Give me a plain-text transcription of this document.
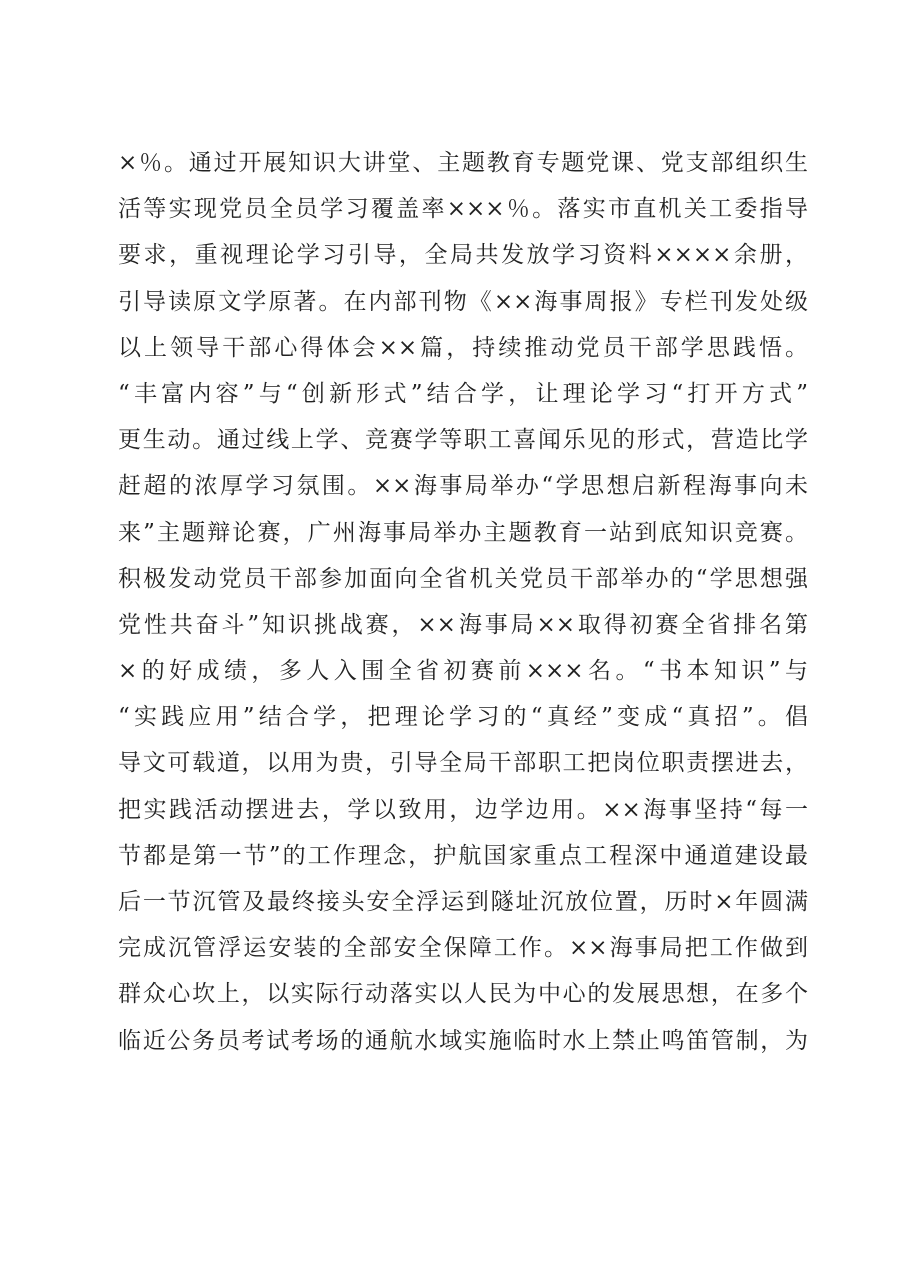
×％。通过开展知识大讲堂、主题教育专题党课、党支部组织生
活等实现党员全员学习覆盖率×××％。落实市直机关工委指导
要求，重视理论学习引导，全局共发放学习资料××××余册，
引导读原文学原著。在内部刊物《××海事周报》专栏刊发处级
以上领导干部心得体会××篇，持续推动党员干部学思践悟。
“丰富内容”与“创新形式”结合学，让理论学习“打开方式”
更生动。通过线上学、竞赛学等职工喜闻乐见的形式，营造比学
赶超的浓厚学习氛围。××海事局举办“学思想启新程海事向未
来”主题辩论赛，广州海事局举办主题教育一站到底知识竞赛。
积极发动党员干部参加面向全省机关党员干部举办的“学思想强
党性共奋斗”知识挑战赛，××海事局××取得初赛全省排名第
×的好成绩，多人入围全省初赛前×××名。“书本知识”与
“实践应用”结合学，把理论学习的“真经”变成“真招”。倡
导文可载道，以用为贵，引导全局干部职工把岗位职责摆进去，
把实践活动摆进去，学以致用，边学边用。××海事坚持“每一
节都是第一节”的工作理念，护航国家重点工程深中通道建设最
后一节沉管及最终接头安全浮运到隧址沉放位置，历时×年圆满
完成沉管浮运安装的全部安全保障工作。××海事局把工作做到
群众心坎上，以实际行动落实以人民为中心的发展思想，在多个
临近公务员考试考场的通航水域实施临时水上禁止鸣笛管制，为
